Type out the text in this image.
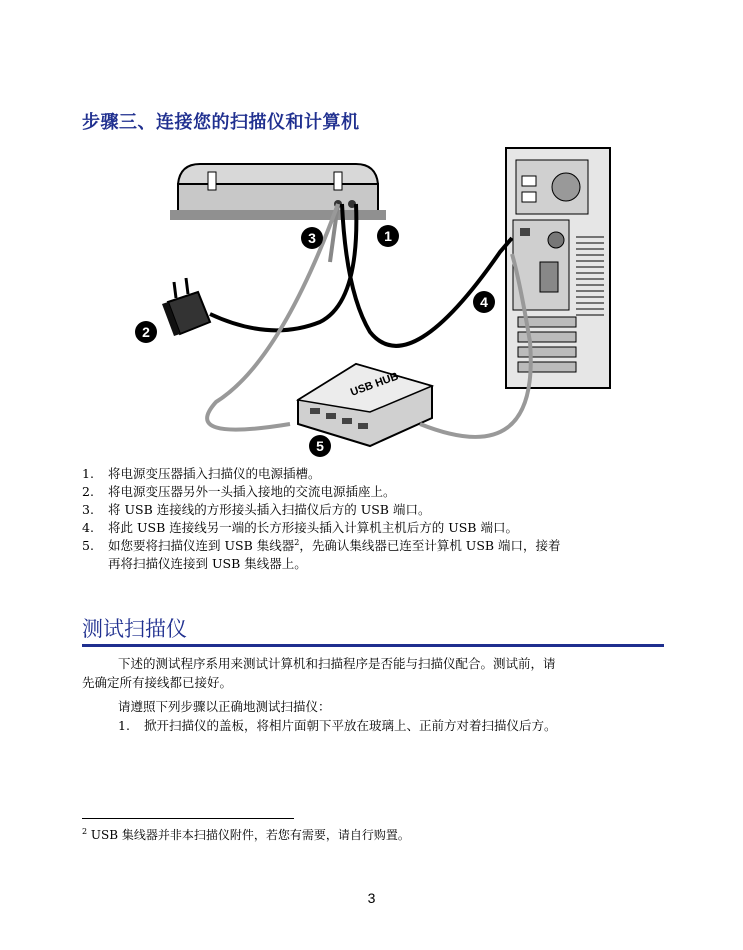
步骤三、连接您的扫描仪和计算机
USB HUB
1
2
3
4
5
1. 将电源变压器插入扫描仪的电源插槽。
2. 将电源变压器另外一头插入接地的交流电源插座上。
3. 将 USB 连接线的方形接头插入扫描仪后方的 USB 端口。
4. 将此 USB 连接线另一端的长方形接头插入计算机主机后方的 USB 端口。
5. 如您要将扫描仪连到 USB 集线器$^2$，先确认集线器已连至计算机 USB 端口，接着
再将扫描仪连接到 USB 集线器上。
测试扫描仪
下述的测试程序系用来测试计算机和扫描程序是否能与扫描仪配合。测试前，请
先确定所有接线都已接好。
请遵照下列步骤以正确地测试扫描仪：
1. 掀开扫描仪的盖板，将相片面朝下平放在玻璃上、正前方对着扫描仪后方。
$^2$ USB 集线器并非本扫描仪附件，若您有需要，请自行购置。
3
